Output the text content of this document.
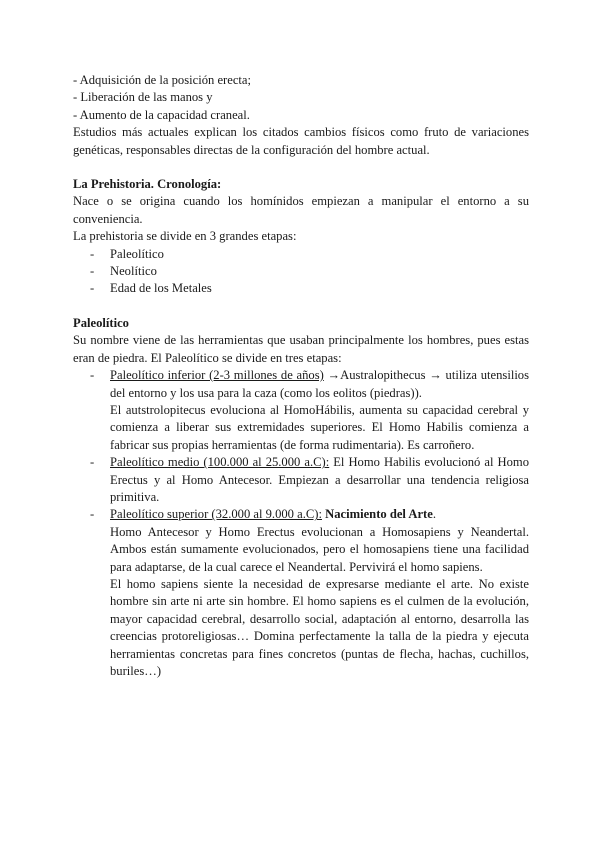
- Adquisición de la posición erecta;

- Liberación de las manos y

- Aumento de la capacidad craneal.

Estudios más actuales explican los citados cambios físicos como fruto de variaciones genéticas, responsables directas de la configuración del hombre actual.

La Prehistoria. Cronología:

Nace o se origina cuando los homínidos empiezan a manipular el entorno a su conveniencia.

La prehistoria se divide en 3 grandes etapas:

- Paleolítico
- Neolítico
- Edad de los Metales

Paleolítico

Su nombre viene de las herramientas que usaban principalmente los hombres, pues estas eran de piedra. El Paleolítico se divide en tres etapas:

- Paleolítico inferior (2-3 millones de años) →Australopithecus → utiliza utensilios del entorno y los usa para la caza (como los eolitos (piedras)).

El autstrolopitecus evoluciona al HomoHábilis, aumenta su capacidad cerebral y comienza a liberar sus extremidades superiores. El Homo Habilis comienza a fabricar sus propias herramientas (de forma rudimentaria). Es carroñero.

- Paleolítico medio (100.000 al 25.000 a.C): El Homo Habilis evolucionó al Homo Erectus y al Homo Antecesor. Empiezan a desarrollar una tendencia religiosa primitiva.

- Paleolítico superior (32.000 al 9.000 a.C): Nacimiento del Arte.

Homo Antecesor y Homo Erectus evolucionan a Homosapiens y Neandertal. Ambos están sumamente evolucionados, pero el homosapiens tiene una facilidad para adaptarse, de la cual carece el Neandertal. Pervivirá el homo sapiens.

El homo sapiens siente la necesidad de expresarse mediante el arte. No existe hombre sin arte ni arte sin hombre. El homo sapiens es el culmen de la evolución, mayor capacidad cerebral, desarrollo social, adaptación al entorno, desarrolla las creencias protoreligiosas… Domina perfectamente la talla de la piedra y ejecuta herramientas concretas para fines concretos (puntas de flecha, hachas, cuchillos, buriles…)
